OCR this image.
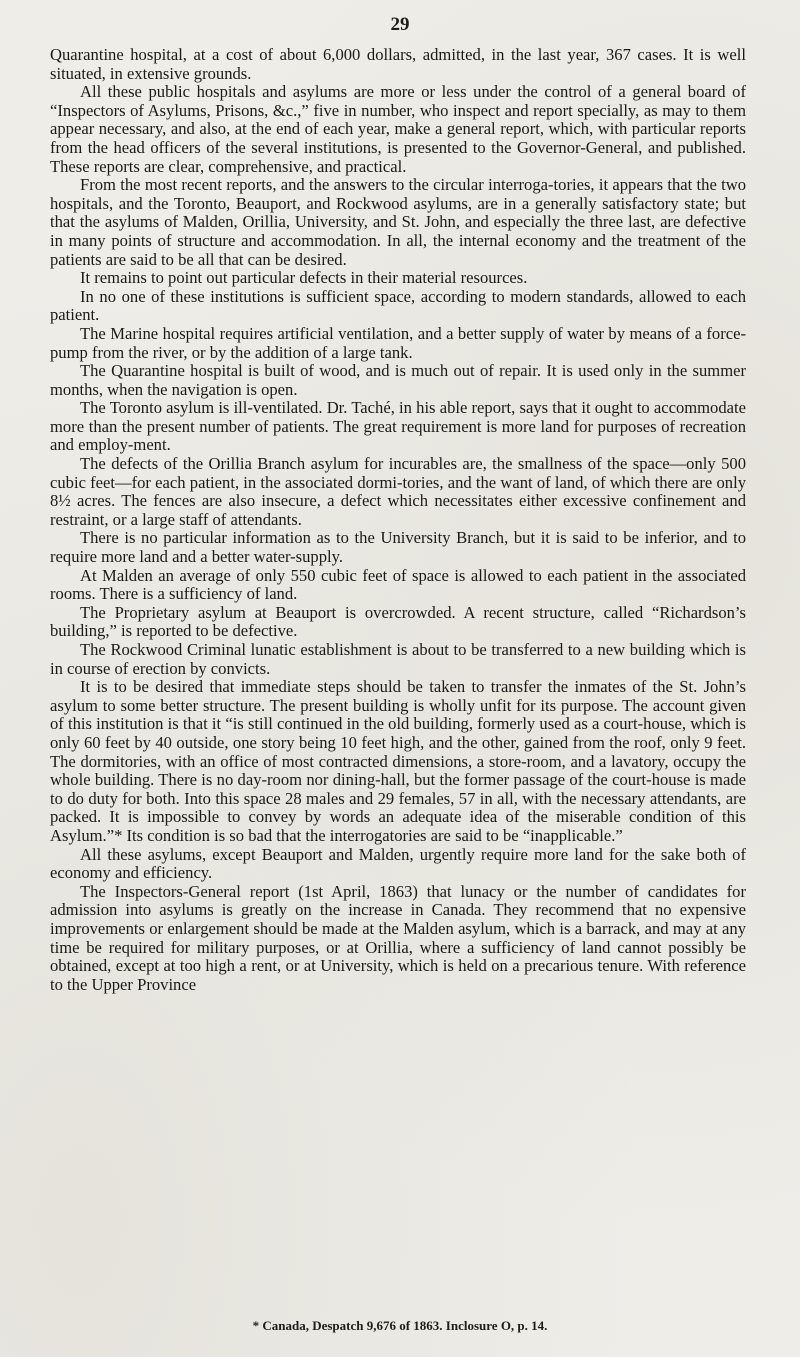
29

Quarantine hospital, at a cost of about 6,000 dollars, admitted, in the last year, 367 cases. It is well situated, in extensive grounds.

All these public hospitals and asylums are more or less under the control of a general board of “Inspectors of Asylums, Prisons, &c.,” five in number, who inspect and report specially, as may to them appear necessary, and also, at the end of each year, make a general report, which, with particular reports from the head officers of the several institutions, is presented to the Governor-General, and published. These reports are clear, comprehensive, and practical.

From the most recent reports, and the answers to the circular interroga-tories, it appears that the two hospitals, and the Toronto, Beauport, and Rockwood asylums, are in a generally satisfactory state; but that the asylums of Malden, Orillia, University, and St. John, and especially the three last, are defective in many points of structure and accommodation. In all, the internal economy and the treatment of the patients are said to be all that can be desired.

It remains to point out particular defects in their material resources.

In no one of these institutions is sufficient space, according to modern standards, allowed to each patient.

The Marine hospital requires artificial ventilation, and a better supply of water by means of a force-pump from the river, or by the addition of a large tank.

The Quarantine hospital is built of wood, and is much out of repair. It is used only in the summer months, when the navigation is open.

The Toronto asylum is ill-ventilated. Dr. Taché, in his able report, says that it ought to accommodate more than the present number of patients. The great requirement is more land for purposes of recreation and employ-ment.

The defects of the Orillia Branch asylum for incurables are, the smallness of the space—only 500 cubic feet—for each patient, in the associated dormi-tories, and the want of land, of which there are only 8½ acres. The fences are also insecure, a defect which necessitates either excessive confinement and restraint, or a large staff of attendants.

There is no particular information as to the University Branch, but it is said to be inferior, and to require more land and a better water-supply.

At Malden an average of only 550 cubic feet of space is allowed to each patient in the associated rooms. There is a sufficiency of land.

The Proprietary asylum at Beauport is overcrowded. A recent structure, called “Richardson’s building,” is reported to be defective.

The Rockwood Criminal lunatic establishment is about to be transferred to a new building which is in course of erection by convicts.

It is to be desired that immediate steps should be taken to transfer the inmates of the St. John’s asylum to some better structure. The present building is wholly unfit for its purpose. The account given of this institution is that it “is still continued in the old building, formerly used as a court-house, which is only 60 feet by 40 outside, one story being 10 feet high, and the other, gained from the roof, only 9 feet. The dormitories, with an office of most contracted dimensions, a store-room, and a lavatory, occupy the whole building. There is no day-room nor dining-hall, but the former passage of the court-house is made to do duty for both. Into this space 28 males and 29 females, 57 in all, with the necessary attendants, are packed. It is impossible to convey by words an adequate idea of the miserable condition of this Asylum.”* Its condition is so bad that the interrogatories are said to be “inapplicable.”

All these asylums, except Beauport and Malden, urgently require more land for the sake both of economy and efficiency.

The Inspectors-General report (1st April, 1863) that lunacy or the number of candidates for admission into asylums is greatly on the increase in Canada. They recommend that no expensive improvements or enlargement should be made at the Malden asylum, which is a barrack, and may at any time be required for military purposes, or at Orillia, where a sufficiency of land cannot possibly be obtained, except at too high a rent, or at University, which is held on a precarious tenure. With reference to the Upper Province

* Canada, Despatch 9,676 of 1863. Inclosure O, p. 14.
